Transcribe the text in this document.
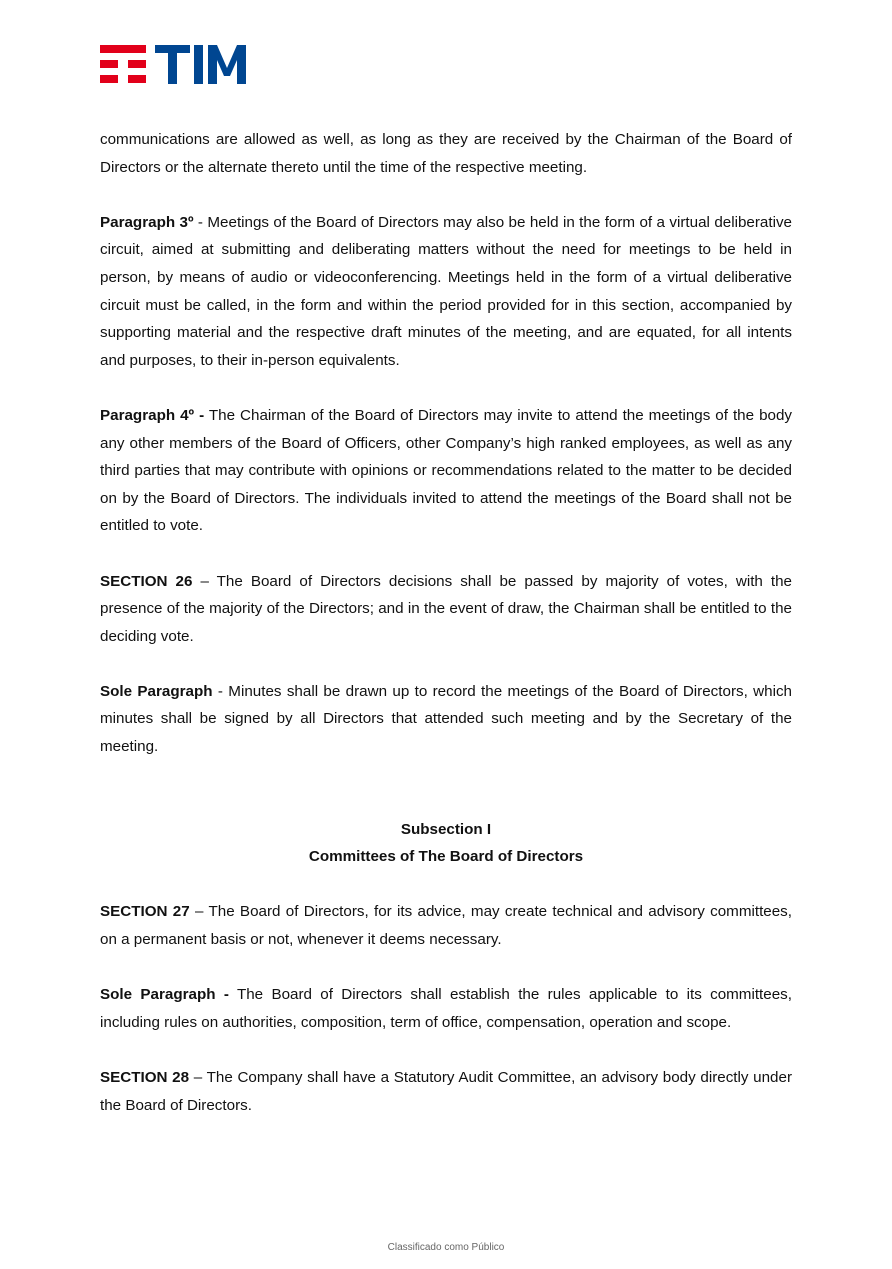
communications are allowed as well, as long as they are received by the Chairman of the Board of Directors or the alternate thereto until the time of the respective meeting.

Paragraph 3º - Meetings of the Board of Directors may also be held in the form of a virtual deliberative circuit, aimed at submitting and deliberating matters without the need for meetings to be held in person, by means of audio or videoconferencing. Meetings held in the form of a virtual deliberative circuit must be called, in the form and within the period provided for in this section, accompanied by supporting material and the respective draft minutes of the meeting, and are equated, for all intents and purposes, to their in-person equivalents.

Paragraph 4º - The Chairman of the Board of Directors may invite to attend the meetings of the body any other members of the Board of Officers, other Company’s high ranked employees, as well as any third parties that may contribute with opinions or recommendations related to the matter to be decided on by the Board of Directors. The individuals invited to attend the meetings of the Board shall not be entitled to vote.

SECTION 26 – The Board of Directors decisions shall be passed by majority of votes, with the presence of the majority of the Directors; and in the event of draw, the Chairman shall be entitled to the deciding vote.

Sole Paragraph - Minutes shall be drawn up to record the meetings of the Board of Directors, which minutes shall be signed by all Directors that attended such meeting and by the Secretary of the meeting.

Subsection I
Committees of The Board of Directors

SECTION 27 – The Board of Directors, for its advice, may create technical and advisory committees, on a permanent basis or not, whenever it deems necessary.

Sole Paragraph - The Board of Directors shall establish the rules applicable to its committees, including rules on authorities, composition, term of office, compensation, operation and scope.

SECTION 28 – The Company shall have a Statutory Audit Committee, an advisory body directly under the Board of Directors.

Classificado como Público
